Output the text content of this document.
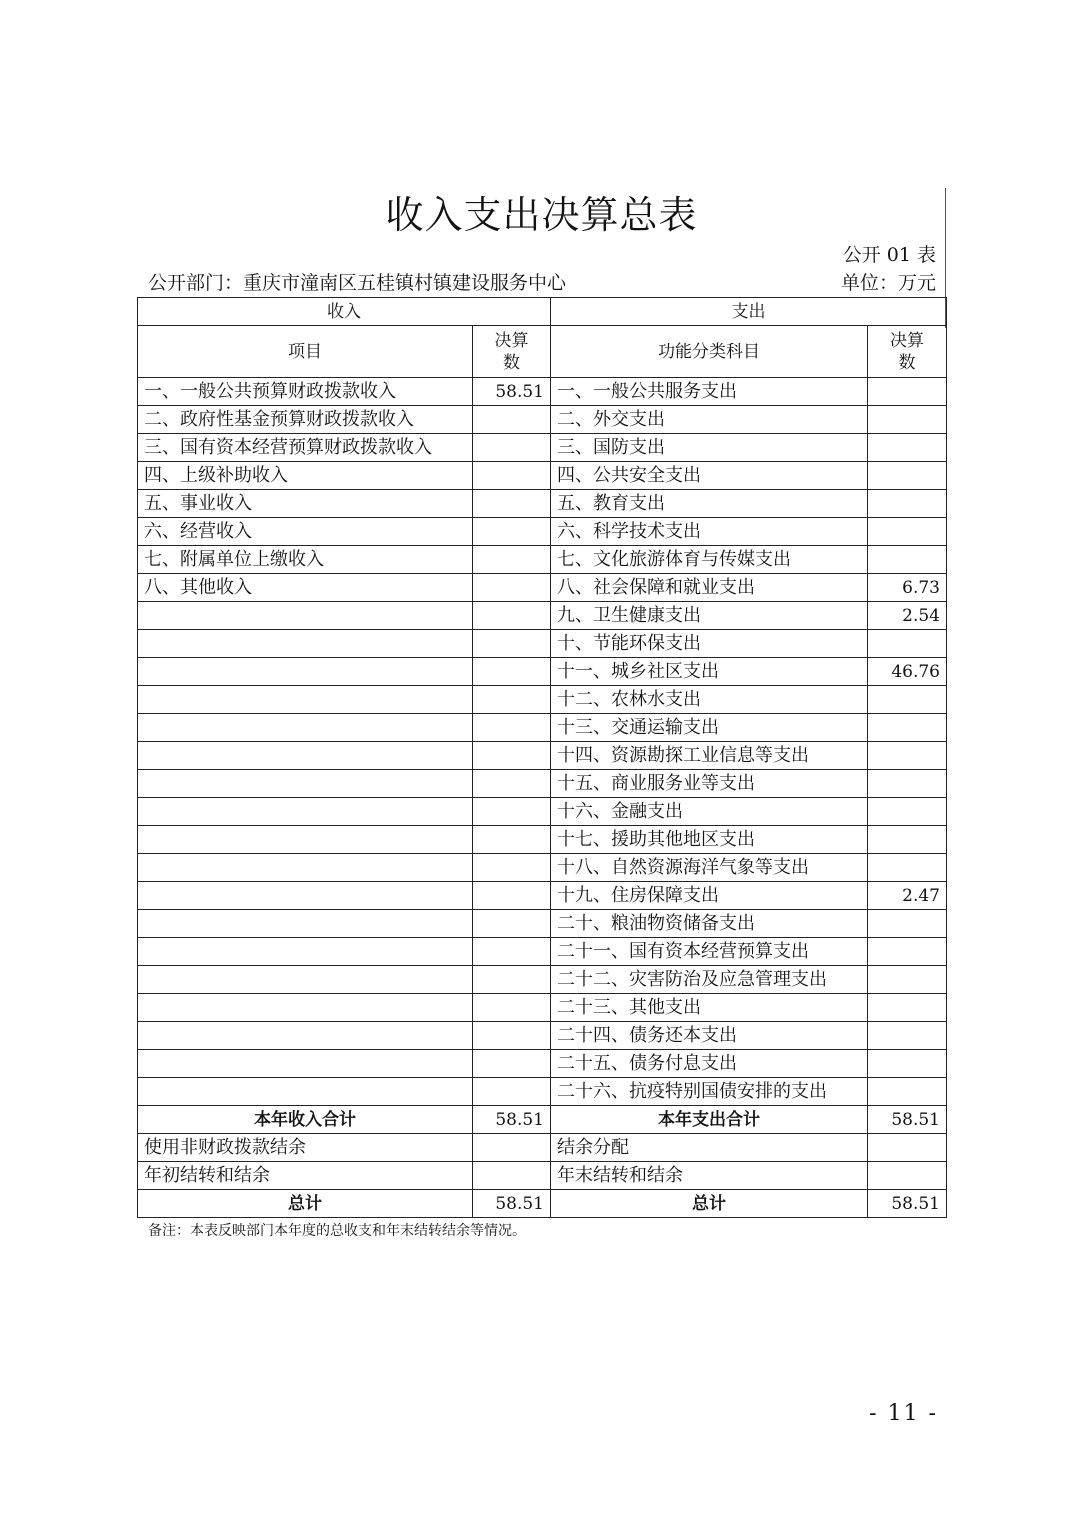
收入支出决算总表
公开 01 表
公开部门：重庆市潼南区五桂镇村镇建设服务中心	单位：万元
收入		支出	
项目	决算数	功能分类科目	决算数
一、一般公共预算财政拨款收入	58.51	一、一般公共服务支出	
二、政府性基金预算财政拨款收入		二、外交支出	
三、国有资本经营预算财政拨款收入		三、国防支出	
四、上级补助收入		四、公共安全支出	
五、事业收入		五、教育支出	
六、经营收入		六、科学技术支出	
七、附属单位上缴收入		七、文化旅游体育与传媒支出	
八、其他收入		八、社会保障和就业支出	6.73
		九、卫生健康支出	2.54
		十、节能环保支出	
		十一、城乡社区支出	46.76
		十二、农林水支出	
		十三、交通运输支出	
		十四、资源勘探工业信息等支出	
		十五、商业服务业等支出	
		十六、金融支出	
		十七、援助其他地区支出	
		十八、自然资源海洋气象等支出	
		十九、住房保障支出	2.47
		二十、粮油物资储备支出	
		二十一、国有资本经营预算支出	
		二十二、灾害防治及应急管理支出	
		二十三、其他支出	
		二十四、债务还本支出	
		二十五、债务付息支出	
		二十六、抗疫特别国债安排的支出	
本年收入合计	58.51	本年支出合计	58.51
使用非财政拨款结余		结余分配	
年初结转和结余		年末结转和结余	
总计	58.51	总计	58.51
备注：本表反映部门本年度的总收支和年末结转结余等情况。
- 11 -
